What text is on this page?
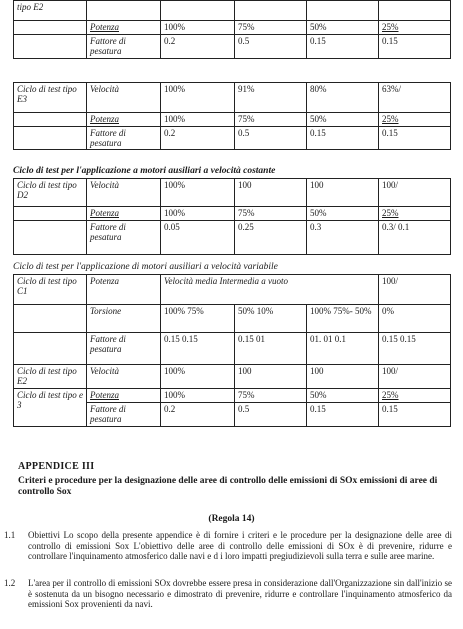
tipo E2					
	Potenza	100%	75%	50%	25%
	Fattore di pesatura	0.2	0.5	0.15	0.15
Ciclo di test tipo E3	Velocità	100%	91%	80%	63%/
	Potenza	100%	75%	50%	25%
	Fattore di pesatura	0.2	0.5	0.15	0.15
Ciclo di test per l'applicazione a motori ausiliari a velocità costante
Ciclo di test tipo D2	Velocità	100%	100	100	100/
	Potenza	100%	75%	50%	25%
	Fattore di pesatura	0.05	0.25	0.3	0.3/ 0.1
Ciclo di test per l'applicazione di motori ausiliari a velocità variabile
Ciclo di test tipo C1	Potenza	Velocità media Intermedia a vuoto			100/
	Torsione	100% 75%	50% 10%	100% 75%- 50%	0%
	Fattore di pesatura	0.15 0.15	0.15 01	01. 01 0.1	0.15 0.15
Ciclo di test tipo E2	Velocità	100%	100	100	100/
Ciclo di test tipo e 3	Potenza	100%	75%	50%	25%
	Fattore di pesatura	0.2	0.5	0.15	0.15
APPENDICE III
Criteri e procedure per la designazione delle aree di controllo delle emissioni di SOx emissioni di aree di controllo Sox
(Regola 14)
1.1	Obiettivi Lo scopo della presente appendice è di fornire i criteri e le procedure per la designazione delle aree di controllo di emissioni Sox L'obiettivo delle aree di controllo delle emissioni di SOx è di prevenire, ridurre e controllare l'inquinamento atmosferico dalle navi e d i loro impatti pregiudizievoli sulla terra e sulle aree marine.
1.2	L'area per il controllo di emissioni SOx dovrebbe essere presa in considerazione dall'Organizzazione sin dall'inizio se è sostenuta da un bisogno necessario e dimostrato di prevenire, ridurre e controllare l'inquinamento atmosferico da emissioni Sox provenienti da navi.
